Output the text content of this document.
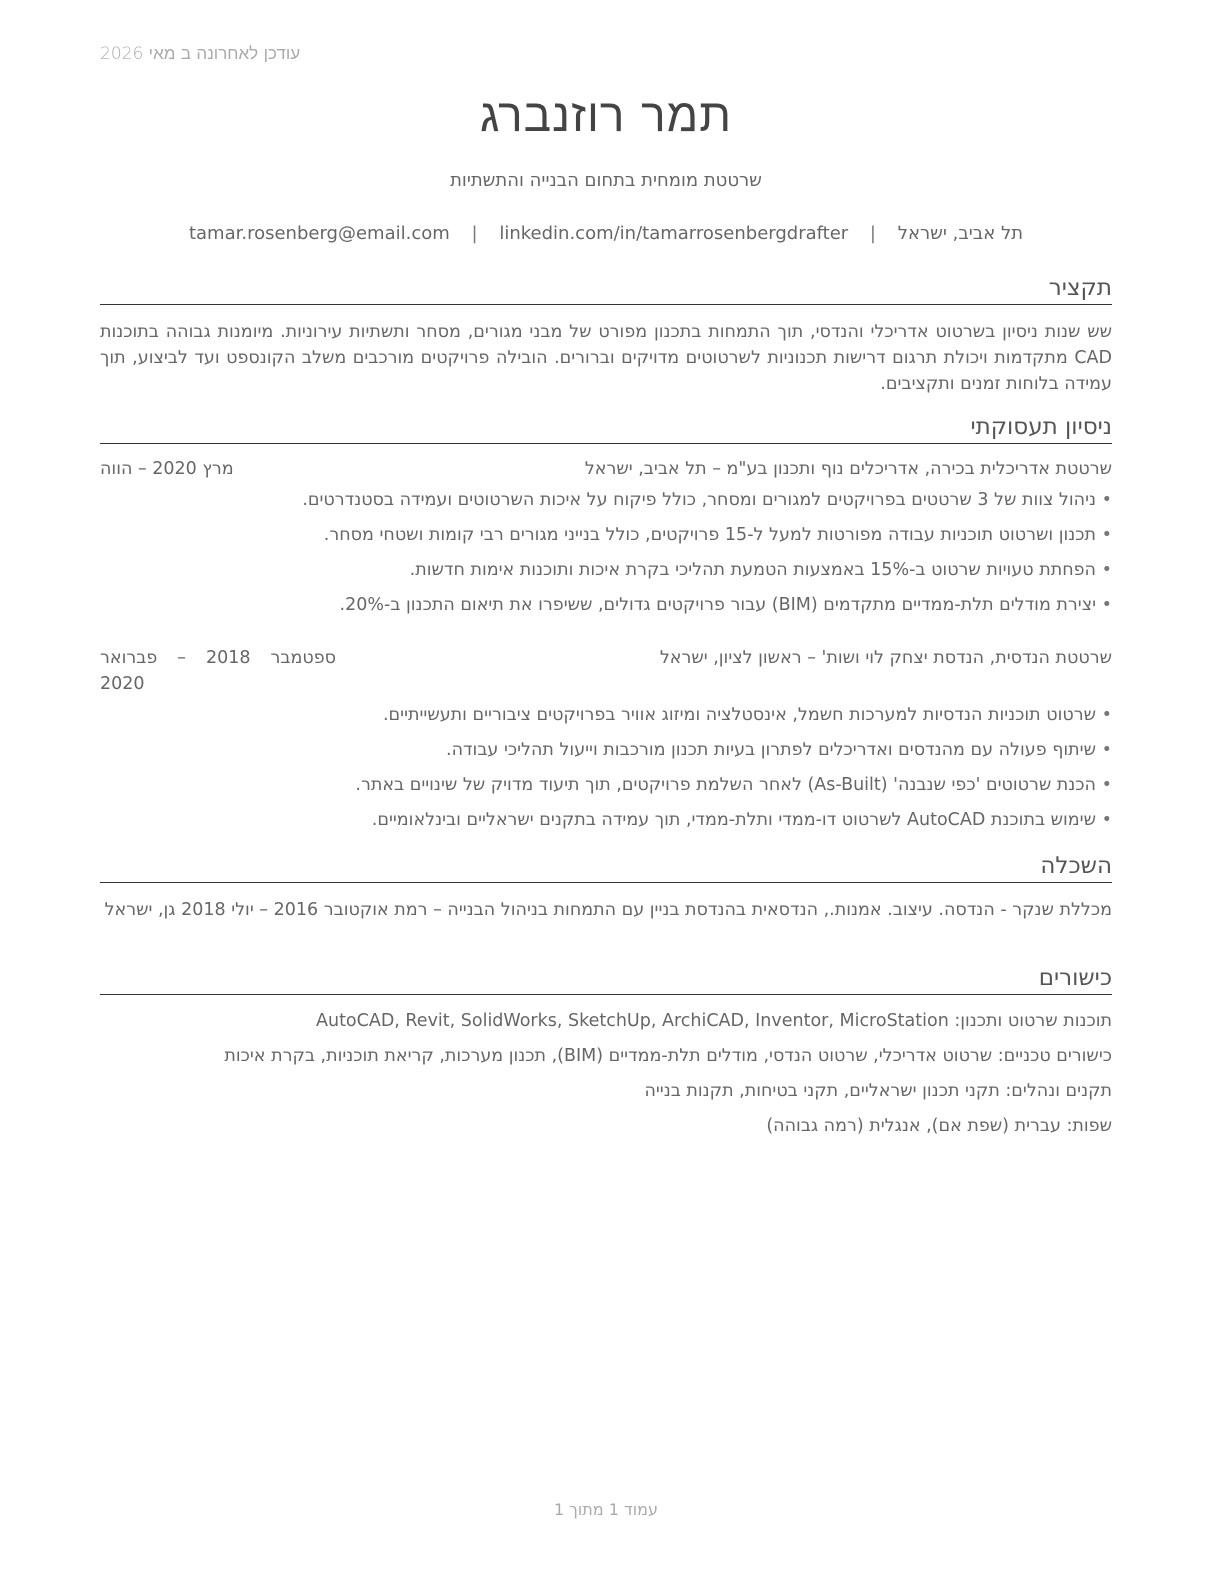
עודכן לאחרונה ב מאי 2026
תמר רוזנברג
שרטטת מומחית בתחום הבנייה והתשתיות
תל אביב, ישראל | tamar.rosenberg@email.com | linkedin.com/in/tamarrosenbergdrafter
תקציר
שש שנות ניסיון בשרטוט אדריכלי והנדסי, תוך התמחות בתכנון מפורט של מבני מגורים, מסחר ותשתיות עירוניות. מיומנות גבוהה בתוכנות CAD מתקדמות ויכולת תרגום דרישות תכנוניות לשרטוטים מדויקים וברורים. הובילה פרויקטים מורכבים משלב הקונספט ועד לביצוע, תוך עמידה בלוחות זמנים ותקציבים.
ניסיון תעסוקתי
שרטטת אדריכלית בכירה, אדריכלים נוף ותכנון בע"מ – תל אביב, ישראל
מרץ 2020 – הווה
• ניהול צוות של 3 שרטטים בפרויקטים למגורים ומסחר, כולל פיקוח על איכות השרטוטים ועמידה בסטנדרטים.
• תכנון ושרטוט תוכניות עבודה מפורטות למעל ל-15 פרויקטים, כולל בנייני מגורים רבי קומות ושטחי מסחר.
• הפחתת טעויות שרטוט ב-15% באמצעות הטמעת תהליכי בקרת איכות ותוכנות אימות חדשות.
• יצירת מודלים תלת-ממדיים מתקדמים (BIM) עבור פרויקטים גדולים, ששיפרו את תיאום התכנון ב-20%.
שרטטת הנדסית, הנדסת יצחק לוי ושות' – ראשון לציון, ישראל
ספטמבר 2018 – פברואר 2020
• שרטוט תוכניות הנדסיות למערכות חשמל, אינסטלציה ומיזוג אוויר בפרויקטים ציבוריים ותעשייתיים.
• שיתוף פעולה עם מהנדסים ואדריכלים לפתרון בעיות תכנון מורכבות וייעול תהליכי עבודה.
• הכנת שרטוטים 'כפי שנבנה' (As-Built) לאחר השלמת פרויקטים, תוך תיעוד מדויק של שינויים באתר.
• שימוש בתוכנת AutoCAD לשרטוט דו-ממדי ותלת-ממדי, תוך עמידה בתקנים ישראליים ובינלאומיים.
השכלה
מכללת שנקר - הנדסה. עיצוב. אמנות., הנדסאית בהנדסת בניין עם התמחות בניהול הבנייה – רמת אוקטובר 2016 – יולי 2018 גן, ישראל
כישורים
תוכנות שרטוט ותכנון: AutoCAD, Revit, SolidWorks, SketchUp, ArchiCAD, Inventor, MicroStation
כישורים טכניים: שרטוט אדריכלי, שרטוט הנדסי, מודלים תלת-ממדיים (BIM), תכנון מערכות, קריאת תוכניות, בקרת איכות
תקנים ונהלים: תקני תכנון ישראליים, תקני בטיחות, תקנות בנייה
שפות: עברית (שפת אם), אנגלית (רמה גבוהה)
עמוד 1 מתוך 1
